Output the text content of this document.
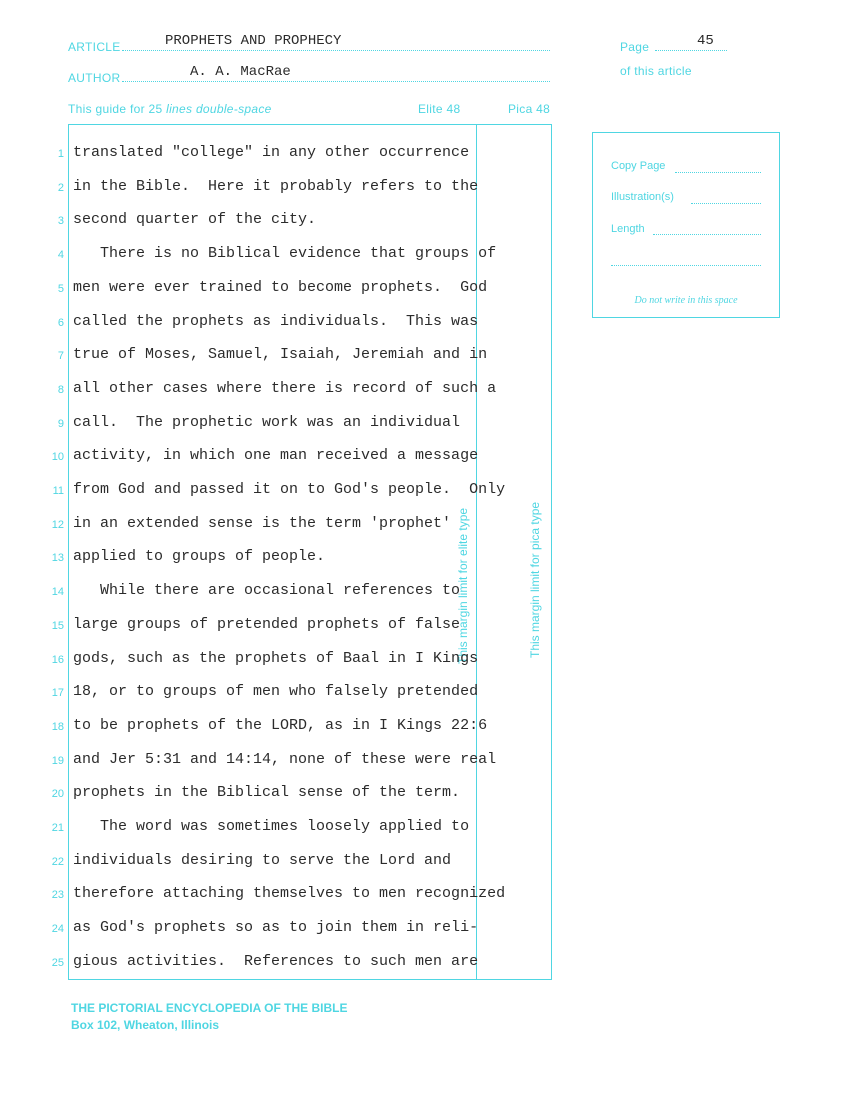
ARTICLE	PROPHETS AND PROPHECY
AUTHOR	A. A. MacRae
Page	45
of this article
This guide for 25 lines double-space	Elite 48	Pica 48
Copy Page
Illustration(s)
Length
Do not write in this space
This margin limit for elite type	This margin limit for pica type
1 translated "college" in any other occurrence
2 in the Bible.  Here it probably refers to the
3 second quarter of the city.
4 There is no Biblical evidence that groups of
5 men were ever trained to become prophets.  God
6 called the prophets as individuals.  This was
7 true of Moses, Samuel, Isaiah, Jeremiah and in
8 all other cases where there is record of such a
9 call.  The prophetic work was an individual
10 activity, in which one man received a message
11 from God and passed it on to God's people.  Only
12 in an extended sense is the term 'prophet'
13 applied to groups of people.
14 While there are occasional references to
15 large groups of pretended prophets of false
16 gods, such as the prophets of Baal in I Kings
17 18, or to groups of men who falsely pretended
18 to be prophets of the LORD, as in I Kings 22:6
19 and Jer 5:31 and 14:14, none of these were real
20 prophets in the Biblical sense of the term.
21 The word was sometimes loosely applied to
22 individuals desiring to serve the Lord and
23 therefore attaching themselves to men recognized
24 as God's prophets so as to join them in reli-
25 gious activities.  References to such men are
THE PICTORIAL ENCYCLOPEDIA OF THE BIBLE
Box 102, Wheaton, Illinois
